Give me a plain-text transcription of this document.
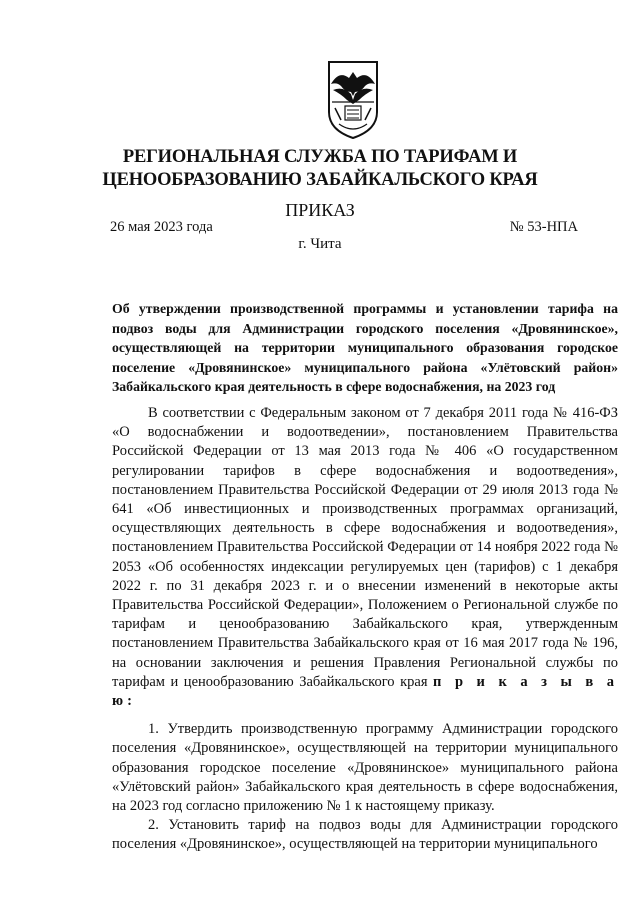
РЕГИОНАЛЬНАЯ СЛУЖБА ПО ТАРИФАМ И
ЦЕНООБРАЗОВАНИЮ ЗАБАЙКАЛЬСКОГО КРАЯ
ПРИКАЗ
26 мая 2023 года	№ 53-НПА
г. Чита
Об утверждении производственной программы и установлении тарифа на подвоз воды для Администрации городского поселения «Дровянинское», осуществляющей на территории муниципального образования городское поселение «Дровянинское» муниципального района «Улётовский район» Забайкальского края деятельность в сфере водоснабжения, на 2023 год

В соответствии с Федеральным законом от 7 декабря 2011 года № 416-ФЗ «О водоснабжении и водоотведении», постановлением Правительства Российской Федерации от 13 мая 2013 года № 406 «О государственном регулировании тарифов в сфере водоснабжения и водоотведения», постановлением Правительства Российской Федерации от 29 июля 2013 года № 641 «Об инвестиционных и производственных программах организаций, осуществляющих деятельность в сфере водоснабжения и водоотведения», постановлением Правительства Российской Федерации от 14 ноября 2022 года № 2053 «Об особенностях индексации регулируемых цен (тарифов) с 1 декабря 2022 г. по 31 декабря 2023 г. и о внесении изменений в некоторые акты Правительства Российской Федерации», Положением о Региональной службе по тарифам и ценообразованию Забайкальского края, утвержденным постановлением Правительства Забайкальского края от 16 мая 2017 года № 196, на основании заключения и решения Правления Региональной службы по тарифам и ценообразованию Забайкальского края п р и к а з ы в а ю:

1. Утвердить производственную программу Администрации городского поселения «Дровянинское», осуществляющей на территории муниципального образования городское поселение «Дровянинское» муниципального района «Улётовский район» Забайкальского края деятельность в сфере водоснабжения, на 2023 год согласно приложению № 1 к настоящему приказу.

2. Установить тариф на подвоз воды для Администрации городского поселения «Дровянинское», осуществляющей на территории муниципального
